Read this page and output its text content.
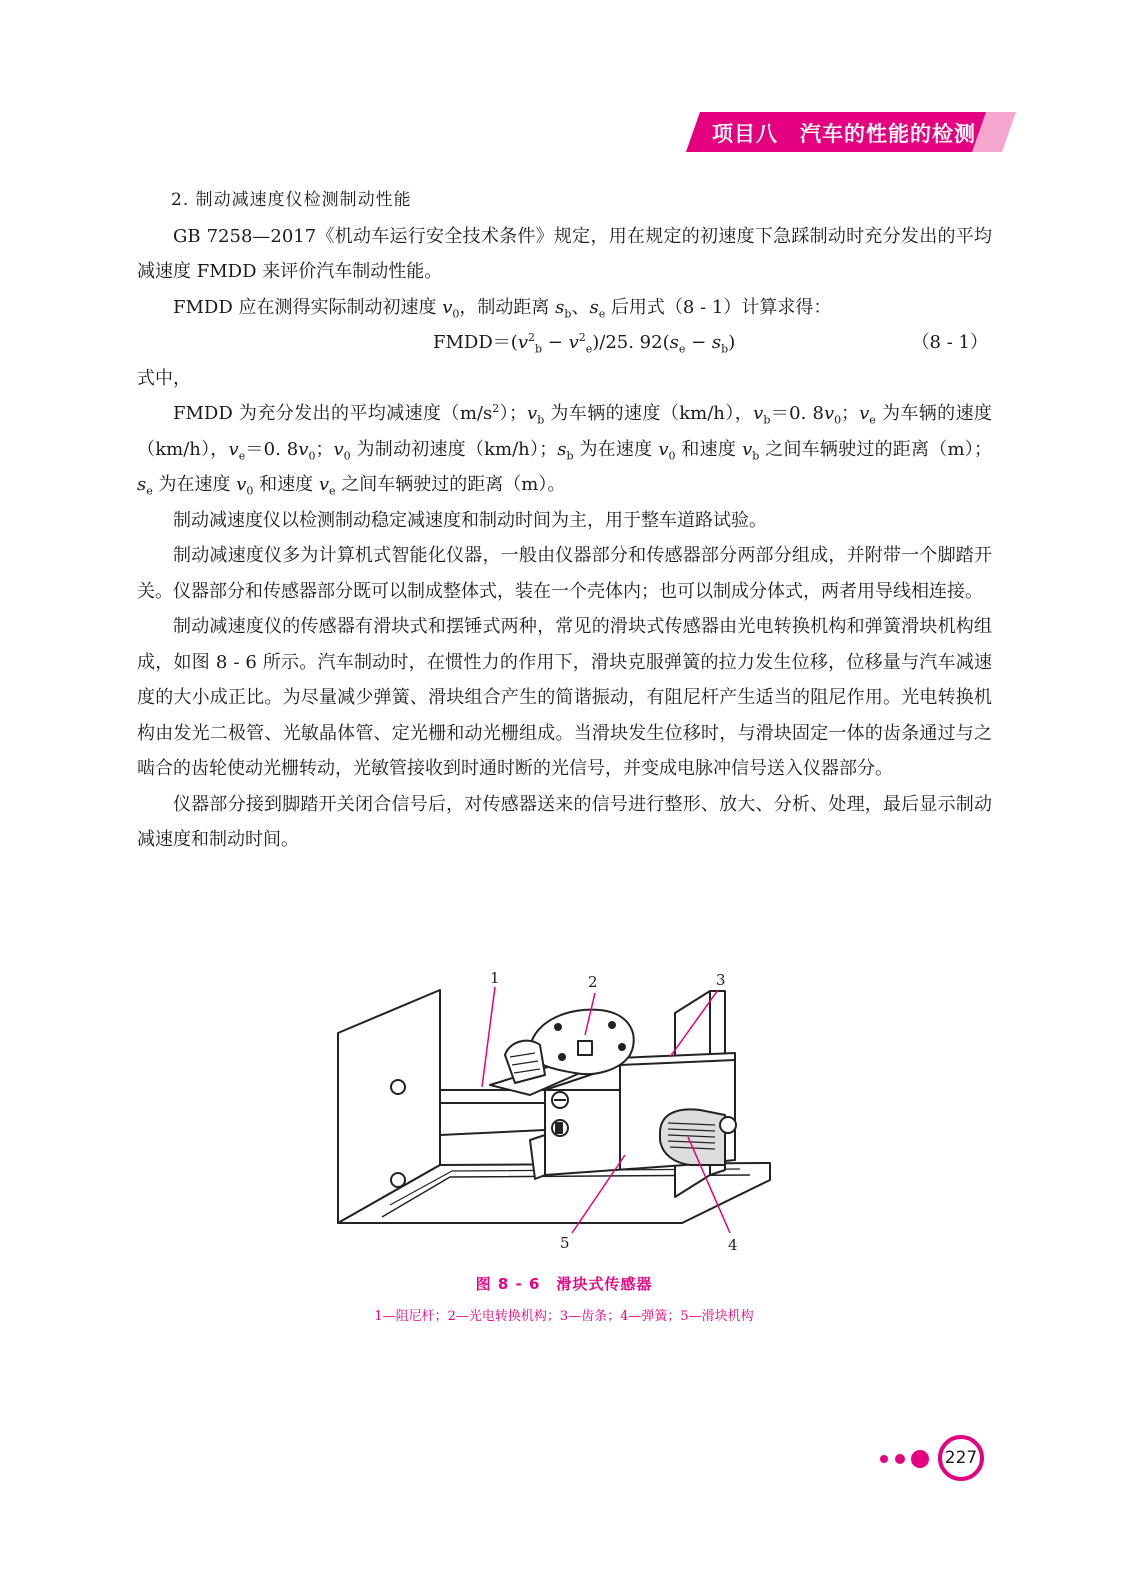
项目八 汽车的性能的检测

2. 制动减速度仪检测制动性能

GB 7258—2017《机动车运行安全技术条件》规定，用在规定的初速度下急踩制动时充分发出的平均减速度 FMDD 来评价汽车制动性能。

FMDD 应在测得实际制动初速度 $v_0$，制动距离 $s_b$、$s_e$ 后用式（8 - 1）计算求得：

$FMDD=(v^2_b - v^2_e)/25$. $92(s_e - s_b)$	（8 - 1）

式中，

FMDD 为充分发出的平均减速度$(m/s^2)$；$v_b$ 为车辆的速度（km/h），$v_b=0$. $8v_0$；$v_e$ 为车辆的速度（km/h），$v_e=0$. $8v_0$；$v_0$ 为制动初速度（km/h）；$s_b$ 为在速度 $v_0$ 和速度 $v_b$ 之间车辆驶过的距离（m）；$s_e$ 为在速度 $v_0$ 和速度 $v_e$ 之间车辆驶过的距离（m）。

制动减速度仪以检测制动稳定减速度和制动时间为主，用于整车道路试验。

制动减速度仪多为计算机式智能化仪器，一般由仪器部分和传感器部分两部分组成，并附带一个脚踏开关。仪器部分和传感器部分既可以制成整体式，装在一个壳体内；也可以制成分体式，两者用导线相连接。

制动减速度仪的传感器有滑块式和摆锤式两种，常见的滑块式传感器由光电转换机构和弹簧滑块机构组成，如图 8 - 6 所示。汽车制动时，在惯性力的作用下，滑块克服弹簧的拉力发生位移，位移量与汽车减速度的大小成正比。为尽量减少弹簧、滑块组合产生的简谐振动，有阻尼杆产生适当的阻尼作用。光电转换机构由发光二极管、光敏晶体管、定光栅和动光栅组成。当滑块发生位移时，与滑块固定一体的齿条通过与之啮合的齿轮使动光栅转动，光敏管接收到时通时断的光信号，并变成电脉冲信号送入仪器部分。

仪器部分接到脚踏开关闭合信号后，对传感器送来的信号进行整形、放大、分析、处理，最后显示制动减速度和制动时间。

1	2	3
4
5
图 8 - 6　滑块式传感器
1—阻尼杆；2—光电转换机构；3—齿条；4—弹簧；5—滑块机构
227
